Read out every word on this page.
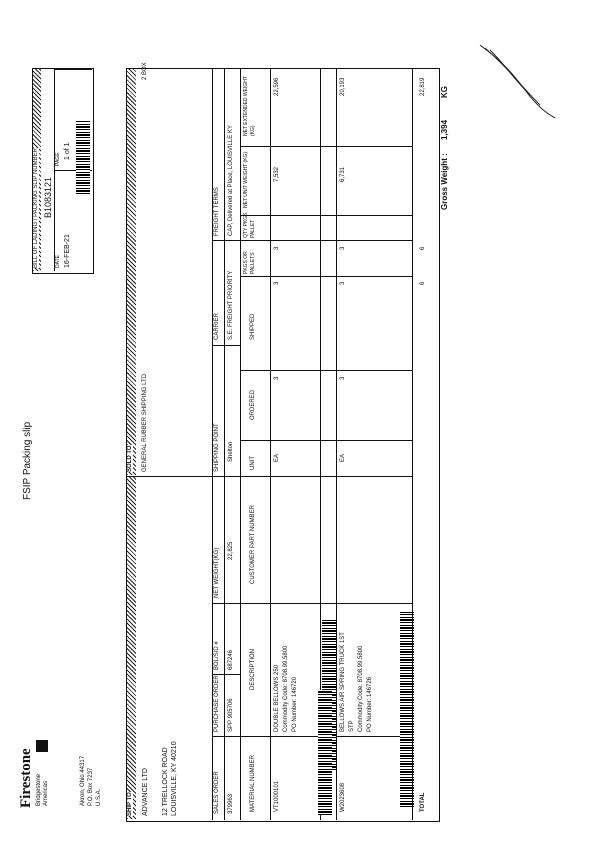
FSIP Packing slip
Firestone Bridgestone Americas	Akron, Ohio 44317 P.O. Box 7237 U.S.A.
BILL OF LADING / PACKING SLIP NUMBER B1083121
DATE 16-FEB-21
PAGE 1 of 1
SHIP TO ADVANCE LTD 12 TRELLOCK ROAD LOUISVILLE, KY 40210
SOLD TO GENERAL RUBBER SHIPPING LTD
2 BOX
SALES ORDER
PURCHASE ORDER
BOL/SID #
NET WEIGHT(KG)
SHIPPING POINT
CARRIER
FREIGHT TERMS
379963
SPP 905706
687246
22,825
Shelton
S.E. FREIGHT PRIORITY
CAP, Delivered at Place, LOUISVILLE KY
MATERIAL NUMBER
DESCRIPTION
CUSTOMER PART NUMBER
UNIT
ORDERED
SHIPPED
PKGS OR PALLETS
QTY PKGS PALLET
NET UNIT WEIGHT (KG)
NET EXTENDED WEIGHT (KG)
VT1000101
DOUBLE BELLOWS 250 Commodity Code: 8708.99.5800 PO Number: 146720
EA
3
3
3
7,532
22,596
W2023608
BELLOWS AIR SPRING TRUCK 1ST STP Commodity Code: 8708.99.5800 PO Number: 146726
EA
3
3
3
6,731
20,193
TOTAL
6
6
22,819
Gross Weight :
1,394
KG
